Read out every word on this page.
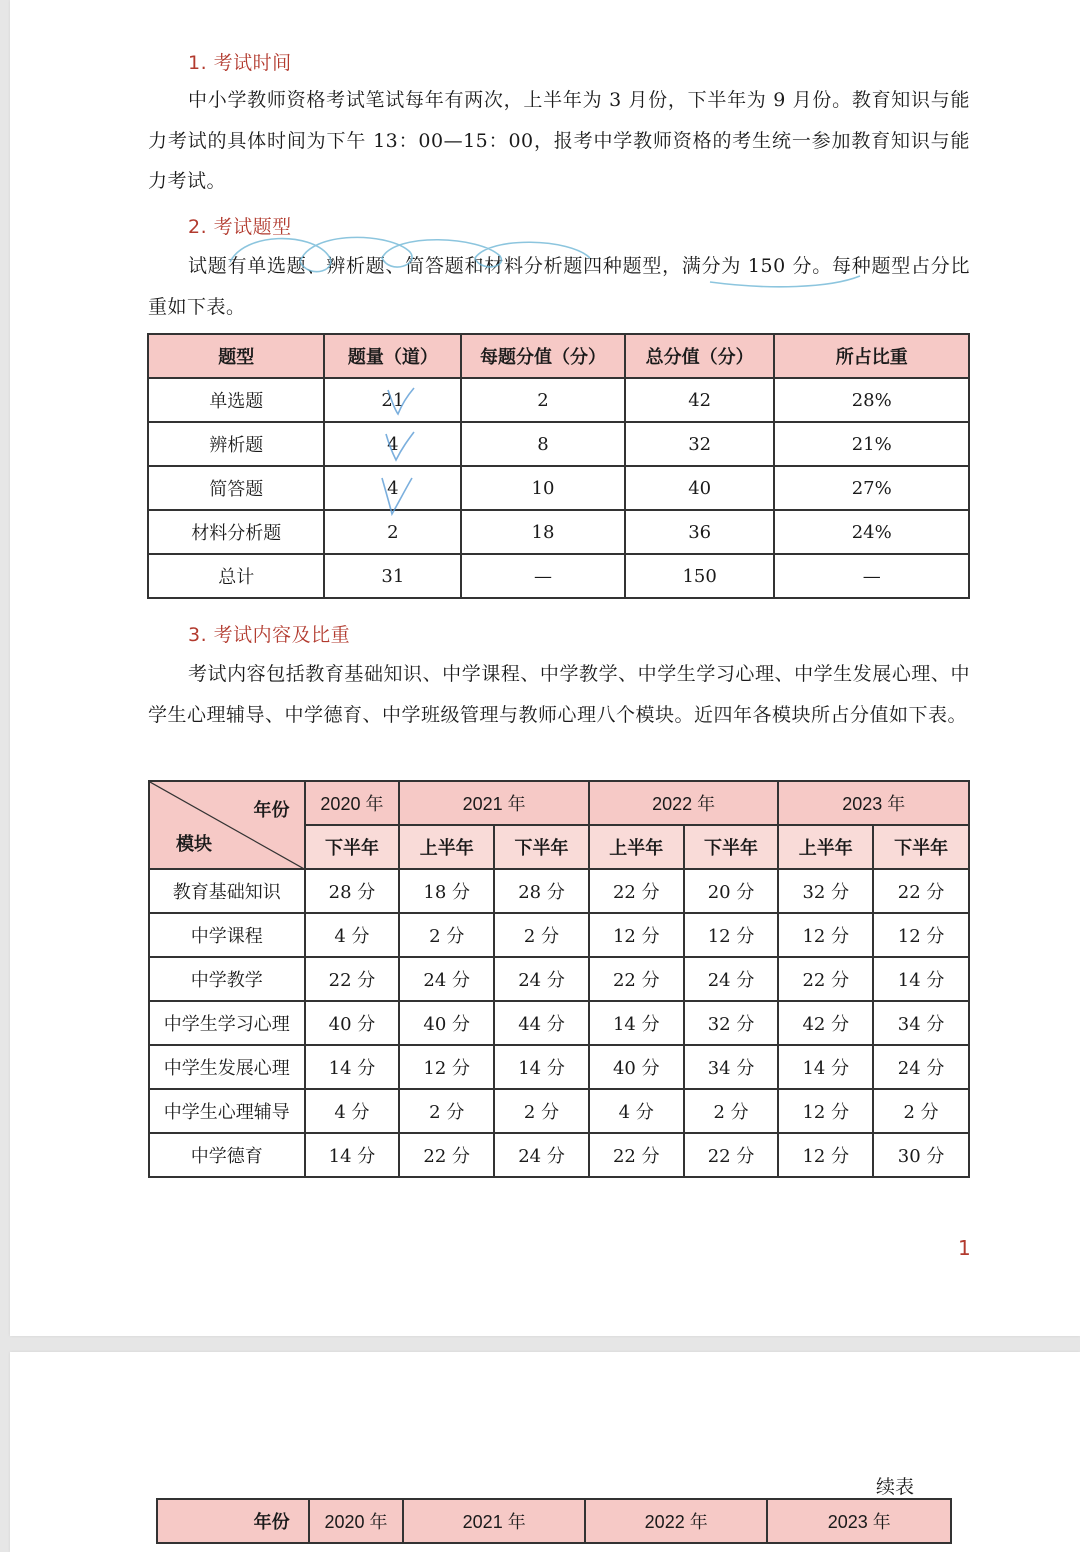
1. 考试时间
中小学教师资格考试笔试每年有两次，上半年为 3 月份，下半年为 9 月份。教育知识与能力考试的具体时间为下午 13：00—15：00，报考中学教师资格的考生统一参加教育知识与能力考试。
2. 考试题型
试题有单选题、辨析题、简答题和材料分析题四种题型，满分为 150 分。每种题型占分比重如下表。
题型	题量（道）	每题分值（分）	总分值（分）	所占比重
单选题	21	2	42	28%
辨析题	4	8	32	21%
简答题	4	10	40	27%
材料分析题	2	18	36	24%
总计	31	—	150	—
3. 考试内容及比重
考试内容包括教育基础知识、中学课程、中学教学、中学生学习心理、中学生发展心理、中学生心理辅导、中学德育、中学班级管理与教师心理八个模块。近四年各模块所占分值如下表。
年份
模块	2020 年	2021 年		2022 年		2023 年	
	下半年	上半年	下半年	上半年	下半年	上半年	下半年
教育基础知识	28 分	18 分	28 分	22 分	20 分	32 分	22 分
中学课程	4 分	2 分	2 分	12 分	12 分	12 分	12 分
中学教学	22 分	24 分	24 分	22 分	24 分	22 分	14 分
中学生学习心理	40 分	40 分	44 分	14 分	32 分	42 分	34 分
中学生发展心理	14 分	12 分	14 分	40 分	34 分	14 分	24 分
中学生心理辅导	4 分	2 分	2 分	4 分	2 分	12 分	2 分
中学德育	14 分	22 分	24 分	22 分	22 分	12 分	30 分
1
续表
年份	2020 年	2021 年	2022 年	2023 年
